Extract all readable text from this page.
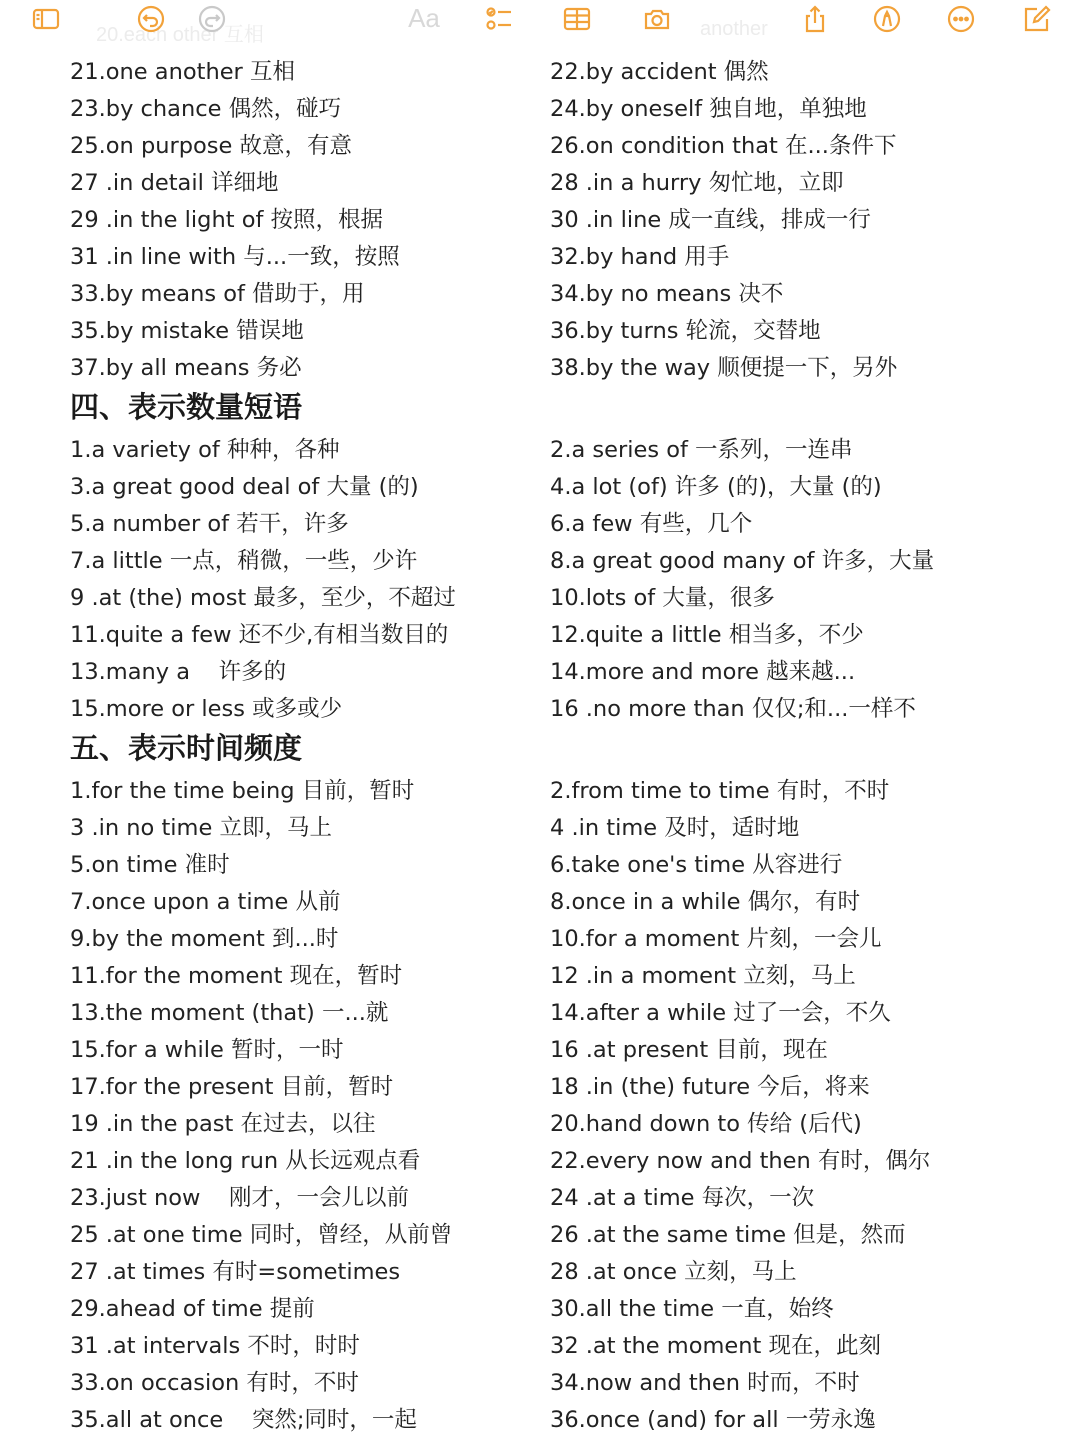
20.each other 互相	another
Aa
21.one another 互相	22.by accident 偶然
23.by chance 偶然，碰巧	24.by oneself 独自地，单独地
25.on purpose 故意，有意	26.on condition that 在...条件下
27 .in detail 详细地	28 .in a hurry 匆忙地，立即
29 .in the light of 按照，根据	30 .in line 成一直线，排成一行
31 .in line with 与...一致，按照	32.by hand 用手
33.by means of 借助于，用	34.by no means 决不
35.by mistake 错误地	36.by turns 轮流，交替地
37.by all means 务必	38.by the way 顺便提一下，另外
四、表示数量短语
1.a variety of 种种，各种	2.a series of 一系列，一连串
3.a great good deal of 大量 (的)	4.a lot (of) 许多 (的)，大量 (的)
5.a number of 若干，许多	6.a few 有些，几个
7.a little 一点，稍微，一些，少许	8.a great good many of 许多，大量
9 .at (the) most 最多，至少，不超过	10.lots of 大量，很多
11.quite a few 还不少,有相当数目的	12.quite a little 相当多，不少
13.many a    许多的	14.more and more 越来越...
15.more or less 或多或少	16 .no more than 仅仅;和...一样不
五、表示时间频度
1.for the time being 目前，暂时	2.from time to time 有时，不时
3 .in no time 立即，马上	4 .in time 及时，适时地
5.on time 准时	6.take one's time 从容进行
7.once upon a time 从前	8.once in a while 偶尔，有时
9.by the moment 到...时	10.for a moment 片刻，一会儿
11.for the moment 现在，暂时	12 .in a moment 立刻，马上
13.the moment (that) 一...就	14.after a while 过了一会，不久
15.for a while 暂时，一时	16 .at present 目前，现在
17.for the present 目前，暂时	18 .in (the) future 今后，将来
19 .in the past 在过去，以往	20.hand down to 传给 (后代)
21 .in the long run 从长远观点看	22.every now and then 有时，偶尔
23.just now    刚才，一会儿以前	24 .at a time 每次，一次
25 .at one time 同时，曾经，从前曾	26 .at the same time 但是，然而
27 .at times 有时=sometimes	28 .at once 立刻，马上
29.ahead of time 提前	30.all the time 一直，始终
31 .at intervals 不时，时时	32 .at the moment 现在，此刻
33.on occasion 有时，不时	34.now and then 时而，不时
35.all at once    突然;同时，一起	36.once (and) for all 一劳永逸
